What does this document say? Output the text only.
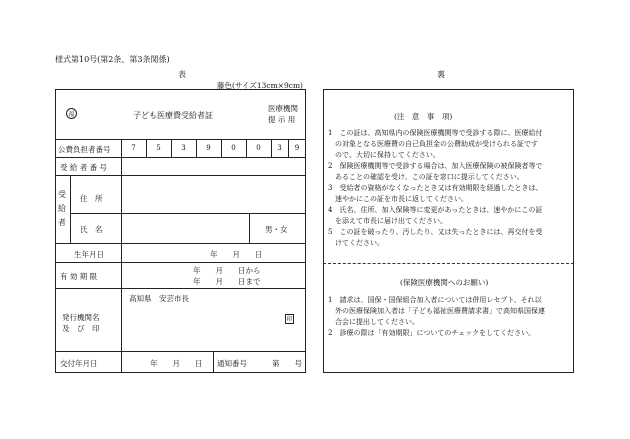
様式第10号(第2条、第3条関係)
表	裏
藤色(サイズ13cm×9cm)
福	子ども医療費受給者証
医療機関
提 示 用
公費負担者番号	7	5	3	9	0	0	3	9
受 給 者 番 号
受給者
住　所
氏　名	男・女
生年月日	年　　月　　日
有 効 期 限
年　　月　　日から
年　　月　　日まで
高知県　安芸市長
発行機関名
及　び　印
印
交付年月日	年　　月　　日 通知番号	第　　号
(注　意　事　項)
1　この証は、高知県内の保険医療機関等で受診する際に、医療給付
　の対象となる医療費の自己負担金の公費助成が受けられる証です
　ので、大切に保持してください。
2　保険医療機関等で受診する場合は、加入医療保険の被保険者等で
　あることの確認を受け、この証を窓口に提示してください。
3　受給者の資格がなくなったとき又は有効期限を経過したときは、
　速やかにこの証を市長に返してください。
4　氏名、住所、加入保険等に変更があったときは、速やかにこの証
　を添えて市長に届け出てください。
5　この証を破ったり、汚したり、又は失ったときには、再交付を受
　けてください。
(保険医療機関へのお願い)
1　請求は、国保・国保組合加入者については併用レセプト、それ以
　外の医療保険加入者は「子ども福祉医療費請求書」で高知県国保連
　合会に提出してください。
2　診療の際は「有効期限」についてのチェックをしてください。
